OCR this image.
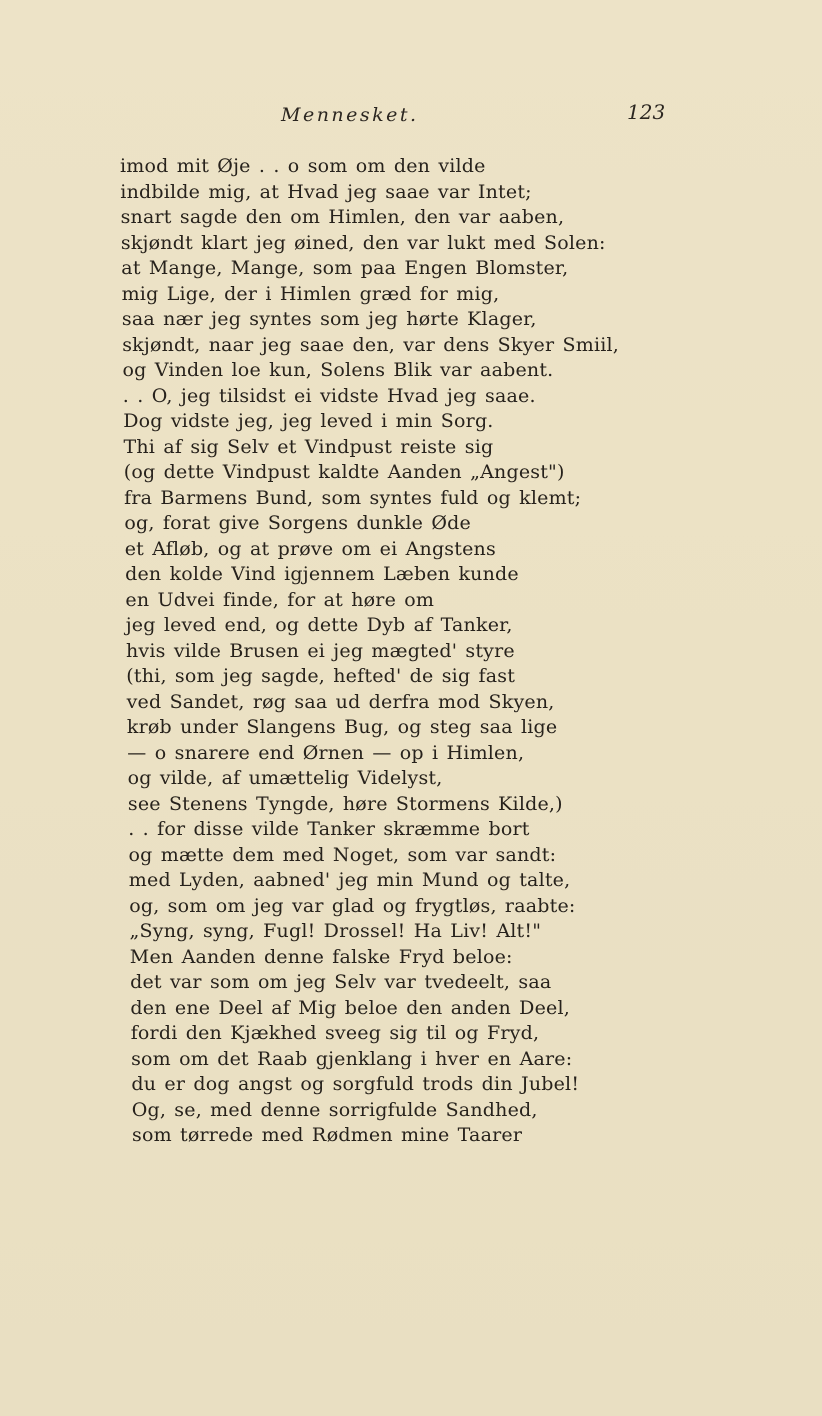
Mennesket.	123
imod mit Øje . . o som om den vilde
indbilde mig, at Hvad jeg saae var Intet;
snart sagde den om Himlen, den var aaben,
skjøndt klart jeg øined, den var lukt med Solen:
at Mange, Mange, som paa Engen Blomster,
mig Lige, der i Himlen græd for mig,
saa nær jeg syntes som jeg hørte Klager,
skjøndt, naar jeg saae den, var dens Skyer Smiil,
og Vinden loe kun, Solens Blik var aabent.
. . O, jeg tilsidst ei vidste Hvad jeg saae.
Dog vidste jeg, jeg leved i min Sorg.
Thi af sig Selv et Vindpust reiste sig
(og dette Vindpust kaldte Aanden „Angest")
fra Barmens Bund, som syntes fuld og klemt;
og, forat give Sorgens dunkle Øde
et Afløb, og at prøve om ei Angstens
den kolde Vind igjennem Læben kunde
en Udvei finde, for at høre om
jeg leved end, og dette Dyb af Tanker,
hvis vilde Brusen ei jeg mægted' styre
(thi, som jeg sagde, hefted' de sig fast
ved Sandet, røg saa ud derfra mod Skyen,
krøb under Slangens Bug, og steg saa lige
— o snarere end Ørnen — op i Himlen,
og vilde, af umættelig Videlyst,
see Stenens Tyngde, høre Stormens Kilde,)
. . for disse vilde Tanker skræmme bort
og mætte dem med Noget, som var sandt:
med Lyden, aabned' jeg min Mund og talte,
og, som om jeg var glad og frygtløs, raabte:
„Syng, syng, Fugl! Drossel! Ha Liv! Alt!"
Men Aanden denne falske Fryd beloe:
det var som om jeg Selv var tvedeelt, saa
den ene Deel af Mig beloe den anden Deel,
fordi den Kjækhed sveeg sig til og Fryd,
som om det Raab gjenklang i hver en Aare:
du er dog angst og sorgfuld trods din Jubel!
Og, se, med denne sorrigfulde Sandhed,
som tørrede med Rødmen mine Taarer
